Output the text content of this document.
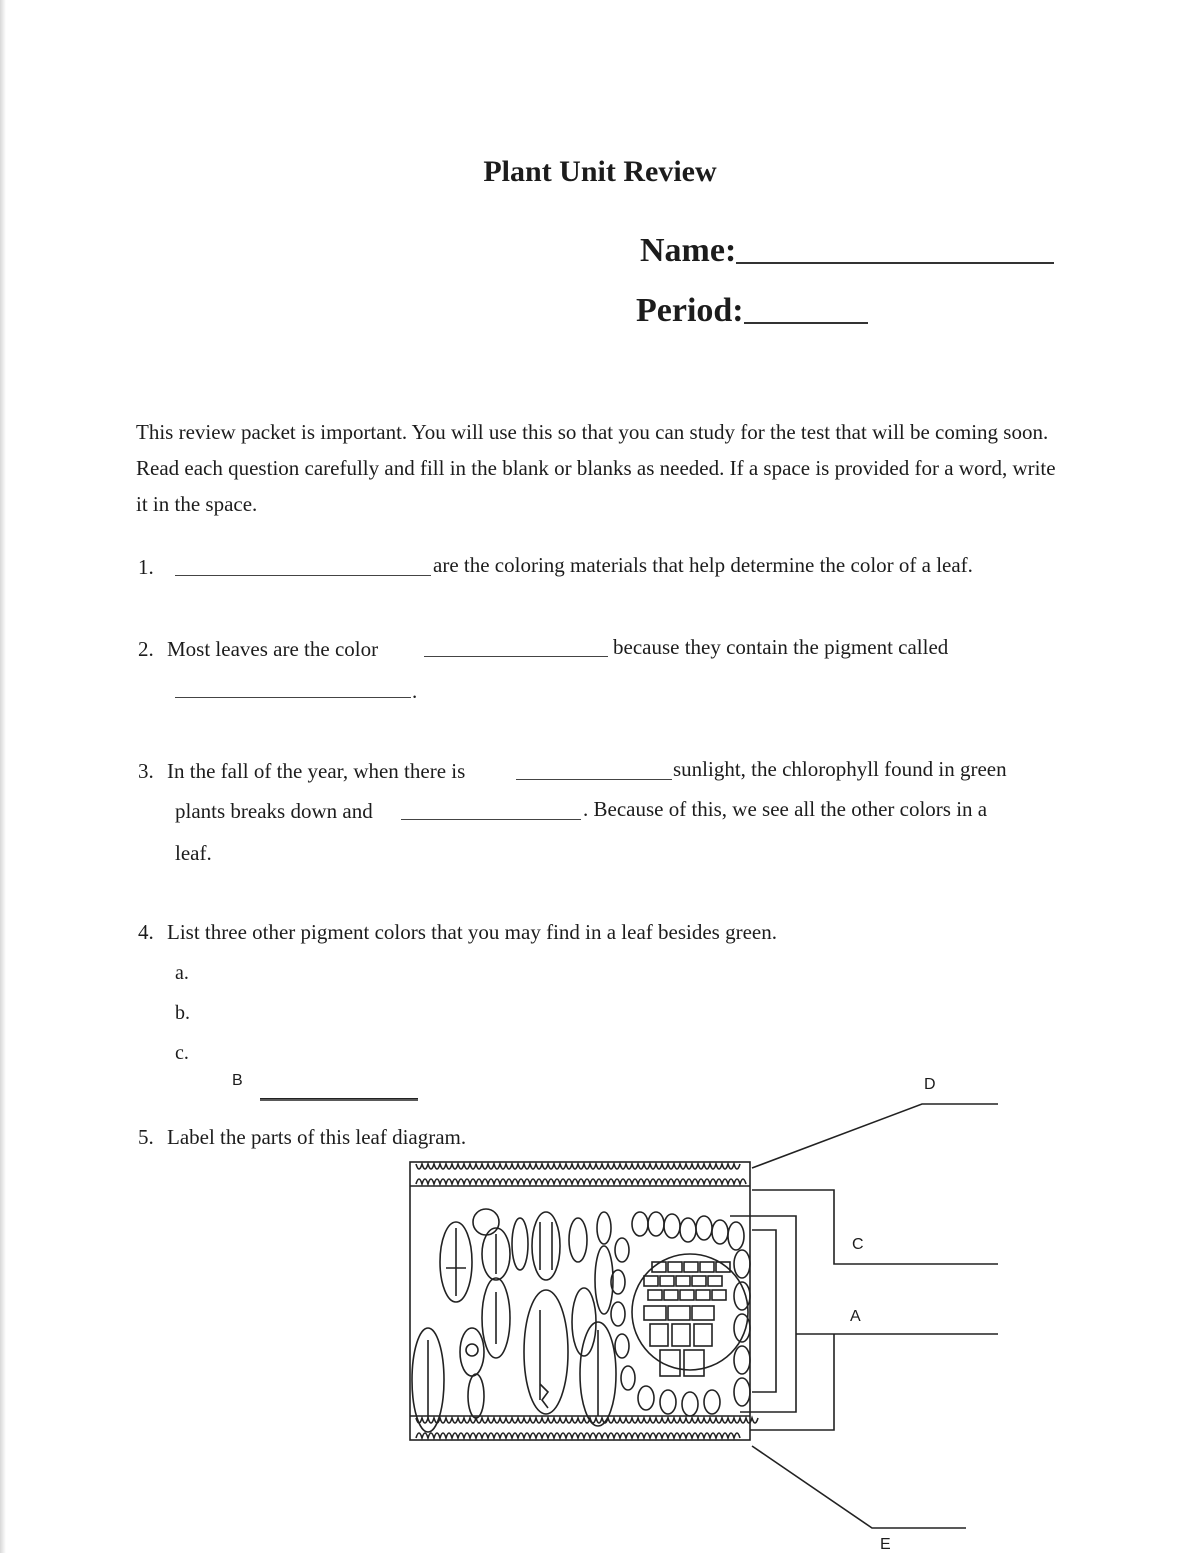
Plant Unit Review
Name:
Period:
This review packet is important. You will use this so that you can study for the test that will be coming soon. Read each question carefully and fill in the blank or blanks as needed. If a space is provided for a word, write it in the space.
1.	are the coloring materials that help determine the color of a leaf.
2. Most leaves are the color	because they contain the pigment called
.
3. In the fall of the year, when there is	sunlight, the chlorophyll found in green
plants breaks down and	. Because of this, we see all the other colors in a
leaf.
4. List three other pigment colors that you may find in a leaf besides green.
a.
b.
c.
5. Label the parts of this leaf diagram.
D
C
A
B
E
